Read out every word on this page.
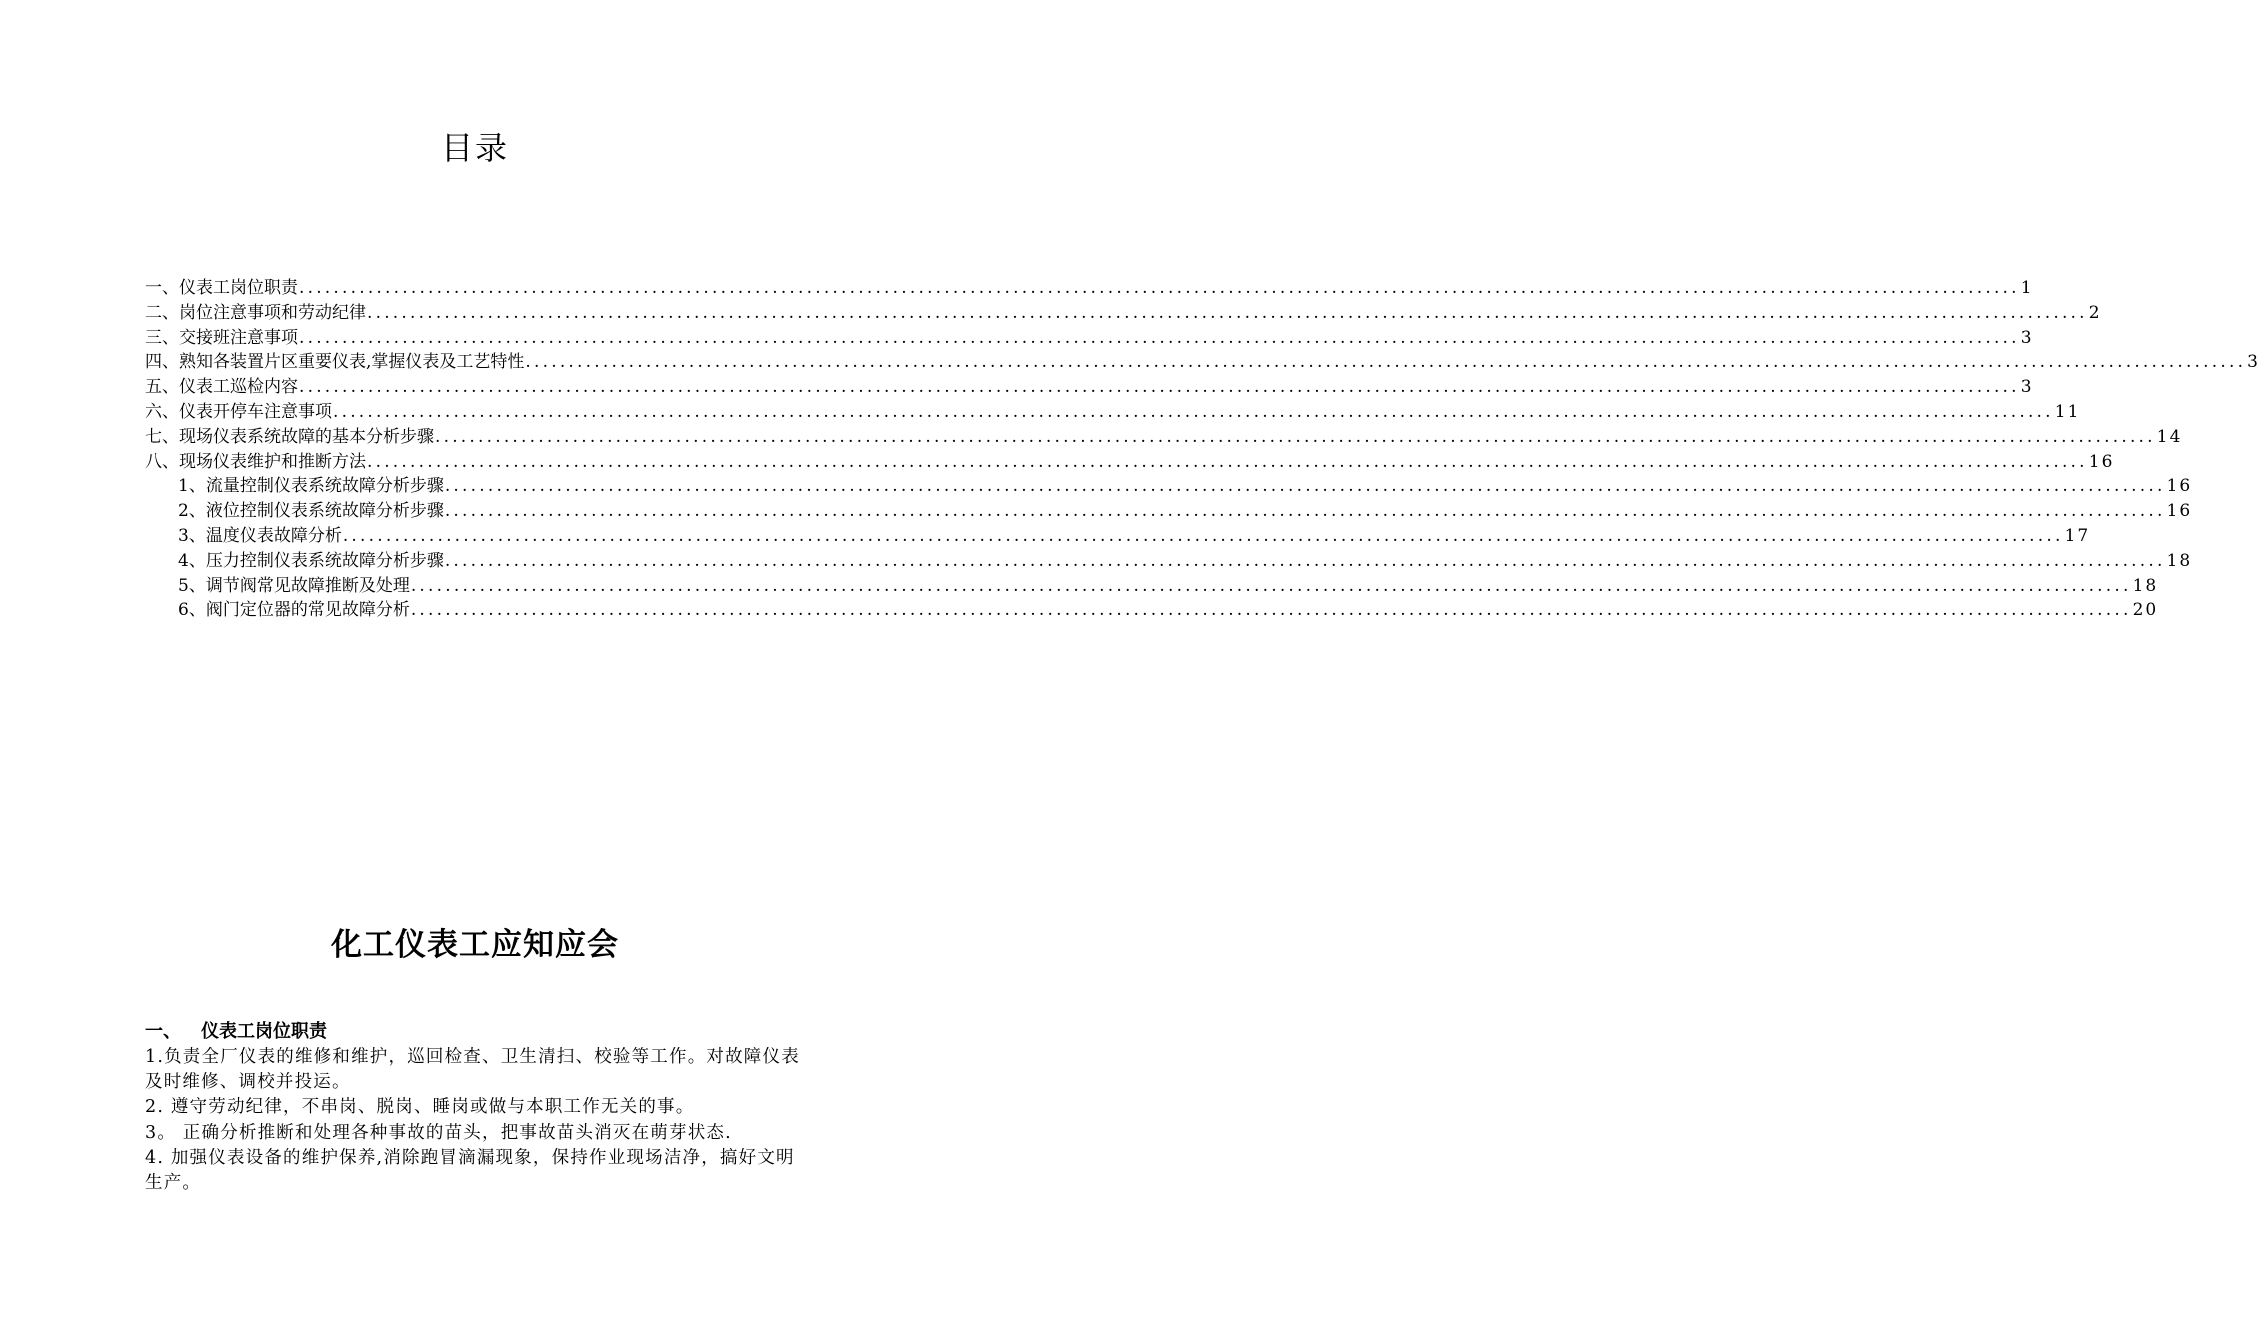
目录
一、仪表工岗位职责 ........................................................................................................................................................................................................ 1
二、岗位注意事项和劳动纪律 ........................................................................................................................................................................................................ 2
三、交接班注意事项 ........................................................................................................................................................................................................ 3
四、熟知各装置片区重要仪表,掌握仪表及工艺特性 ........................................................................................................................................................................................................ 3
五、仪表工巡检内容 ........................................................................................................................................................................................................ 3
六、仪表开停车注意事项 ........................................................................................................................................................................................................ 11
七、现场仪表系统故障的基本分析步骤 ........................................................................................................................................................................................................ 14
八、现场仪表维护和推断方法 ........................................................................................................................................................................................................ 16
1、流量控制仪表系统故障分析步骤 ........................................................................................................................................................................................................ 16
2、液位控制仪表系统故障分析步骤 ........................................................................................................................................................................................................ 16
3、温度仪表故障分析 ........................................................................................................................................................................................................ 17
4、压力控制仪表系统故障分析步骤 ........................................................................................................................................................................................................ 18
5、调节阀常见故障推断及处理 ........................................................................................................................................................................................................ 18
6、阀门定位器的常见故障分析 ........................................................................................................................................................................................................ 20
化工仪表工应知应会
一、 仪表工岗位职责

1.负责全厂仪表的维修和维护，巡回检查、卫生清扫、校验等工作。对故障仪表及时维修、调校并投运。

2. 遵守劳动纪律，不串岗、脱岗、睡岗或做与本职工作无关的事。

3。 正确分析推断和处理各种事故的苗头，把事故苗头消灭在萌芽状态.

4. 加强仪表设备的维护保养,消除跑冒滴漏现象，保持作业现场洁净，搞好文明生产。
